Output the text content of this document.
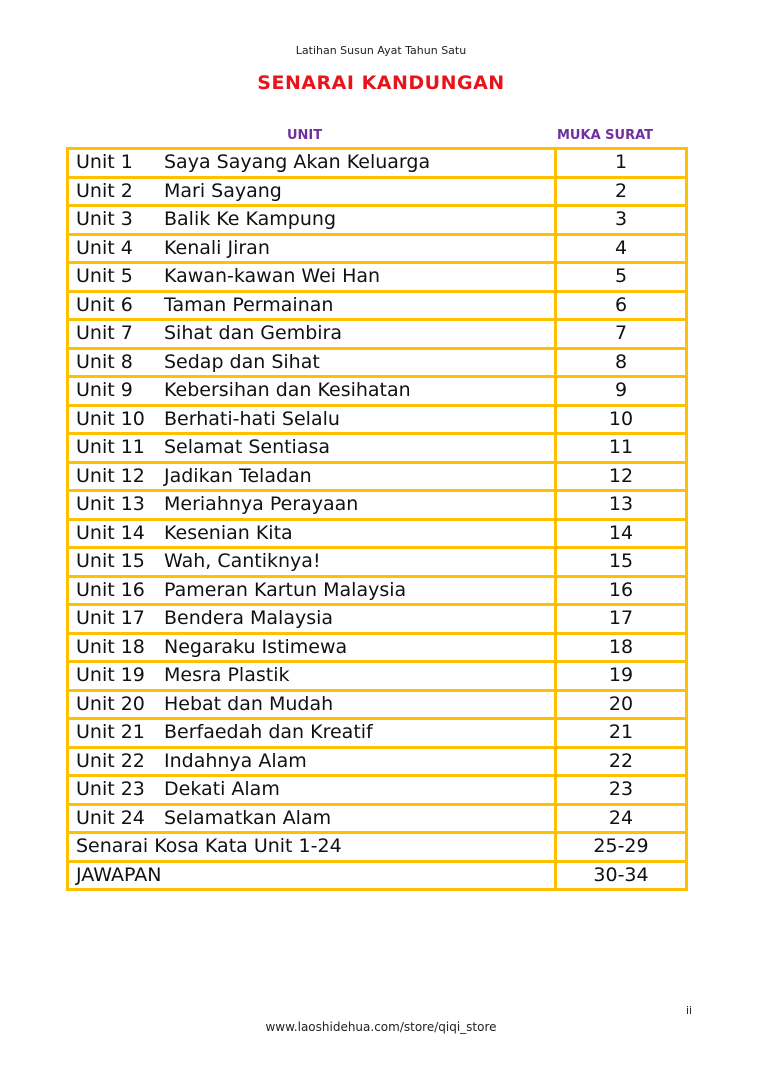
Latihan Susun Ayat Tahun Satu
SENARAI KANDUNGAN
UNIT	MUKA SURAT
Unit 1 Saya Sayang Akan Keluarga	1
Unit 2 Mari Sayang	2
Unit 3 Balik Ke Kampung	3
Unit 4 Kenali Jiran	4
Unit 5 Kawan-kawan Wei Han	5
Unit 6 Taman Permainan	6
Unit 7 Sihat dan Gembira	7
Unit 8 Sedap dan Sihat	8
Unit 9 Kebersihan dan Kesihatan	9
Unit 10 Berhati-hati Selalu	10
Unit 11 Selamat Sentiasa	11
Unit 12 Jadikan Teladan	12
Unit 13 Meriahnya Perayaan	13
Unit 14 Kesenian Kita	14
Unit 15 Wah, Cantiknya!	15
Unit 16 Pameran Kartun Malaysia	16
Unit 17 Bendera Malaysia	17
Unit 18 Negaraku Istimewa	18
Unit 19 Mesra Plastik	19
Unit 20 Hebat dan Mudah	20
Unit 21 Berfaedah dan Kreatif	21
Unit 22 Indahnya Alam	22
Unit 23 Dekati Alam	23
Unit 24 Selamatkan Alam	24
Senarai Kosa Kata Unit 1-24	25-29
JAWAPAN	30-34
ii
www.laoshidehua.com/store/qiqi_store
